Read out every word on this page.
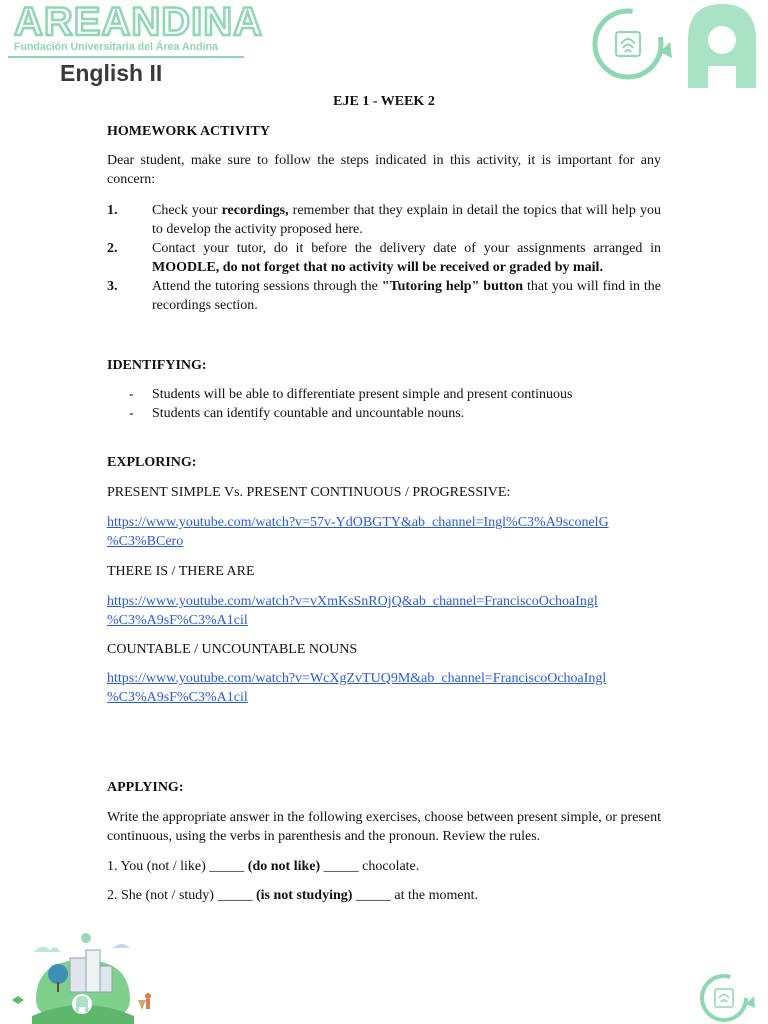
AREANDINA
Fundación Universitaria del Área Andina
English II
EJE 1 - WEEK 2
HOMEWORK ACTIVITY
Dear student, make sure to follow the steps indicated in this activity, it is important for any concern:
1.	Check your recordings, remember that they explain in detail the topics that will help you to develop the activity proposed here.
2.	Contact your tutor, do it before the delivery date of your assignments arranged in MOODLE, do not forget that no activity will be received or graded by mail.
3.	Attend the tutoring sessions through the "Tutoring help" button that you will find in the recordings section.
IDENTIFYING:
- Students will be able to differentiate present simple and present continuous
- Students can identify countable and uncountable nouns.
EXPLORING:
PRESENT SIMPLE Vs. PRESENT CONTINUOUS / PROGRESSIVE:
https://www.youtube.com/watch?v=57v-YdOBGTY&ab_channel=Ingl%C3%A9sconelG
%C3%BCero
THERE IS / THERE ARE
https://www.youtube.com/watch?v=vXmKsSnROjQ&ab_channel=FranciscoOchoaIngl
%C3%A9sF%C3%A1cil
COUNTABLE / UNCOUNTABLE NOUNS
https://www.youtube.com/watch?v=WcXgZvTUQ9M&ab_channel=FranciscoOchoaIngl
%C3%A9sF%C3%A1cil
APPLYING:
Write the appropriate answer in the following exercises, choose between present simple, or present continuous, using the verbs in parenthesis and the pronoun. Review the rules.
1. You (not / like) _____ (do not like) _____ chocolate.
2. She (not / study) _____ (is not studying) _____ at the moment.
